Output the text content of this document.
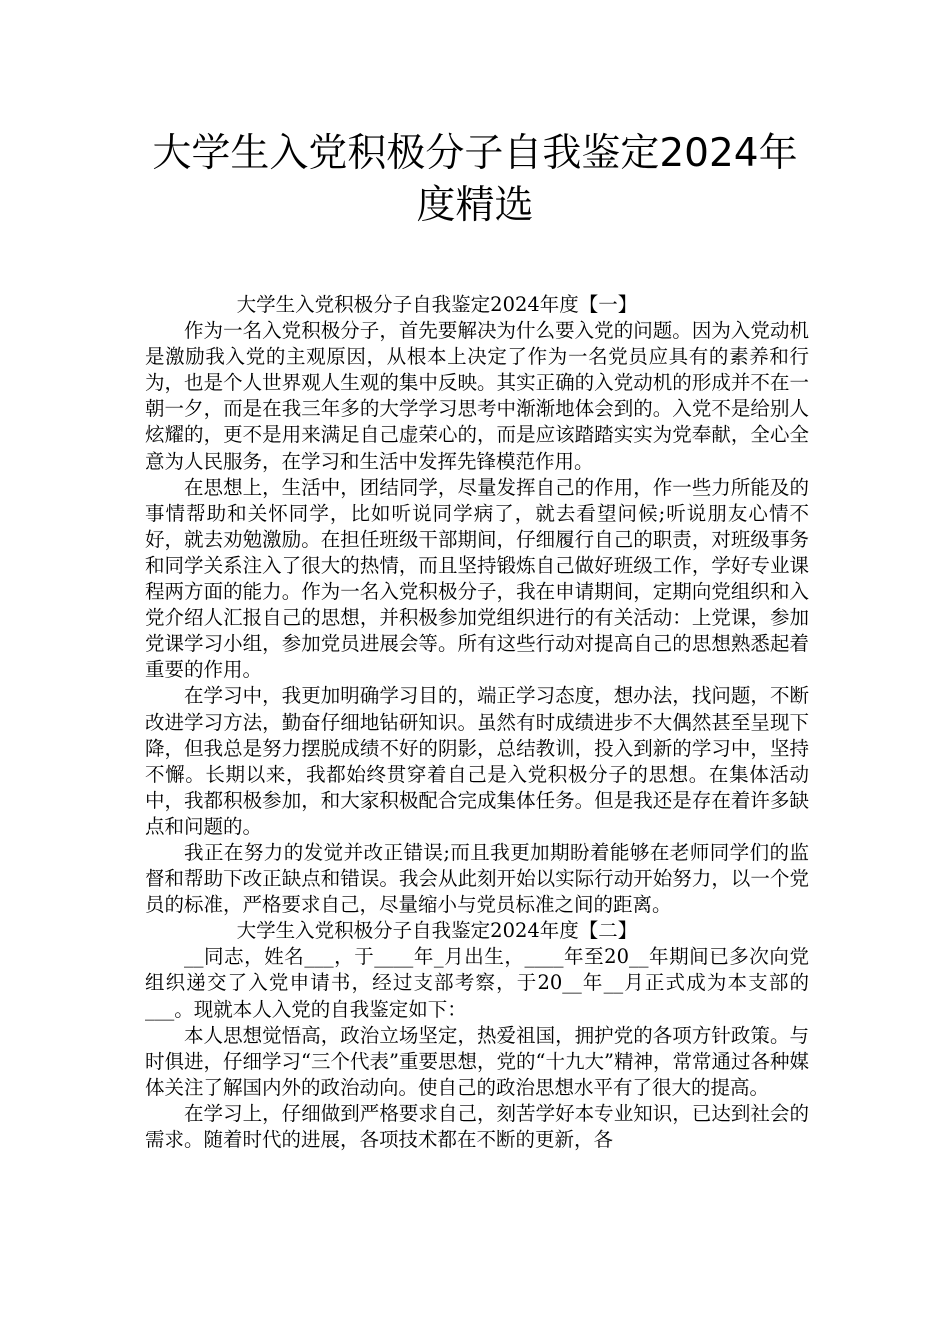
大学生入党积极分子自我鉴定2024年度精选

大学生入党积极分子自我鉴定2024年度【一】

作为一名入党积极分子，首先要解决为什么要入党的问题。因为入党动机是激励我入党的主观原因，从根本上决定了作为一名党员应具有的素养和行为，也是个人世界观人生观的集中反映。其实正确的入党动机的形成并不在一朝一夕，而是在我三年多的大学学习思考中渐渐地体会到的。入党不是给别人炫耀的，更不是用来满足自己虚荣心的，而是应该踏踏实实为党奉献，全心全意为人民服务，在学习和生活中发挥先锋模范作用。

在思想上，生活中，团结同学，尽量发挥自己的作用，作一些力所能及的事情帮助和关怀同学，比如听说同学病了，就去看望问候;听说朋友心情不好，就去劝勉激励。在担任班级干部期间，仔细履行自己的职责，对班级事务和同学关系注入了很大的热情，而且坚持锻炼自己做好班级工作，学好专业课程两方面的能力。作为一名入党积极分子，我在申请期间，定期向党组织和入党介绍人汇报自己的思想，并积极参加党组织进行的有关活动：上党课，参加党课学习小组，参加党员进展会等。所有这些行动对提高自己的思想熟悉起着重要的作用。

在学习中，我更加明确学习目的，端正学习态度，想办法，找问题，不断改进学习方法，勤奋仔细地钻研知识。虽然有时成绩进步不大偶然甚至呈现下降，但我总是努力摆脱成绩不好的阴影，总结教训，投入到新的学习中，坚持不懈。长期以来，我都始终贯穿着自己是入党积极分子的思想。在集体活动中，我都积极参加，和大家积极配合完成集体任务。但是我还是存在着许多缺点和问题的。

我正在努力的发觉并改正错误;而且我更加期盼着能够在老师同学们的监督和帮助下改正缺点和错误。我会从此刻开始以实际行动开始努力，以一个党员的标准，严格要求自己，尽量缩小与党员标准之间的距离。

大学生入党积极分子自我鉴定2024年度【二】

__同志，姓名___，于____年_月出生，____年至20__年期间已多次向党组织递交了入党申请书，经过支部考察，于20__年__月正式成为本支部的___。现就本人入党的自我鉴定如下：

本人思想觉悟高，政治立场坚定，热爱祖国，拥护党的各项方针政策。与时俱进，仔细学习“三个代表”重要思想，党的“十九大”精神，常常通过各种媒体关注了解国内外的政治动向。使自己的政治思想水平有了很大的提高。

在学习上，仔细做到严格要求自己，刻苦学好本专业知识，已达到社会的需求。随着时代的进展，各项技术都在不断的更新，各
